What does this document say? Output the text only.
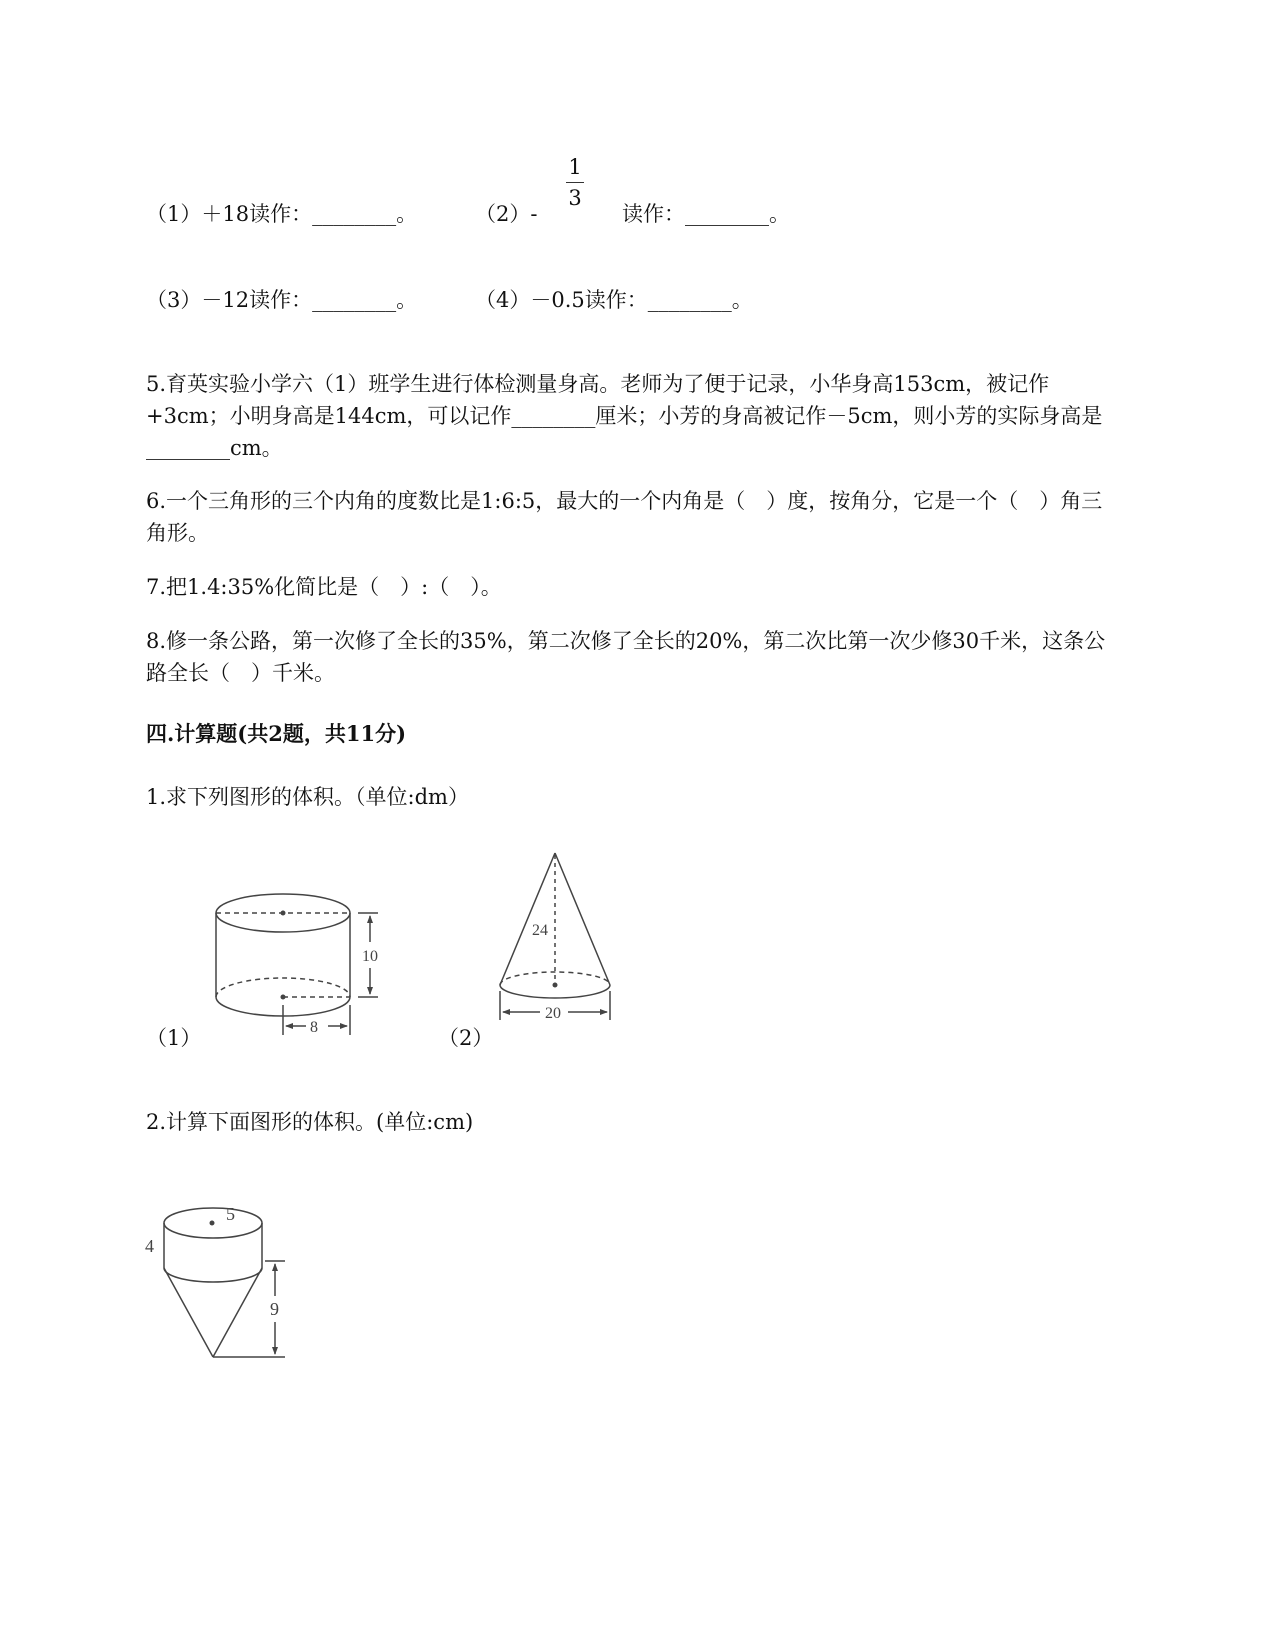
（1）＋18读作：________。	（2）-
1
3
读作：________。
（3）－12读作：________。	（4）－0.5读作：________。
5.育英实验小学六（1）班学生进行体检测量身高。老师为了便于记录，小华身高153cm，被记作+3cm；小明身高是144cm，可以记作________厘米；小芳的身高被记作－5cm，则小芳的实际身高是________cm。
6.一个三角形的三个内角的度数比是1:6:5，最大的一个内角是（　）度，按角分，它是一个（　）角三角形。
7.把1.4:35%化简比是（　）:（　）。
8.修一条公路，第一次修了全长的35%，第二次修了全长的20%，第二次比第一次少修30千米，这条公路全长（　）千米。
四.计算题(共2题，共11分)
1.求下列图形的体积。（单位:dm）
10
8
（1）
24
20
（2）
2.计算下面图形的体积。(单位:cm)
5
4
9
